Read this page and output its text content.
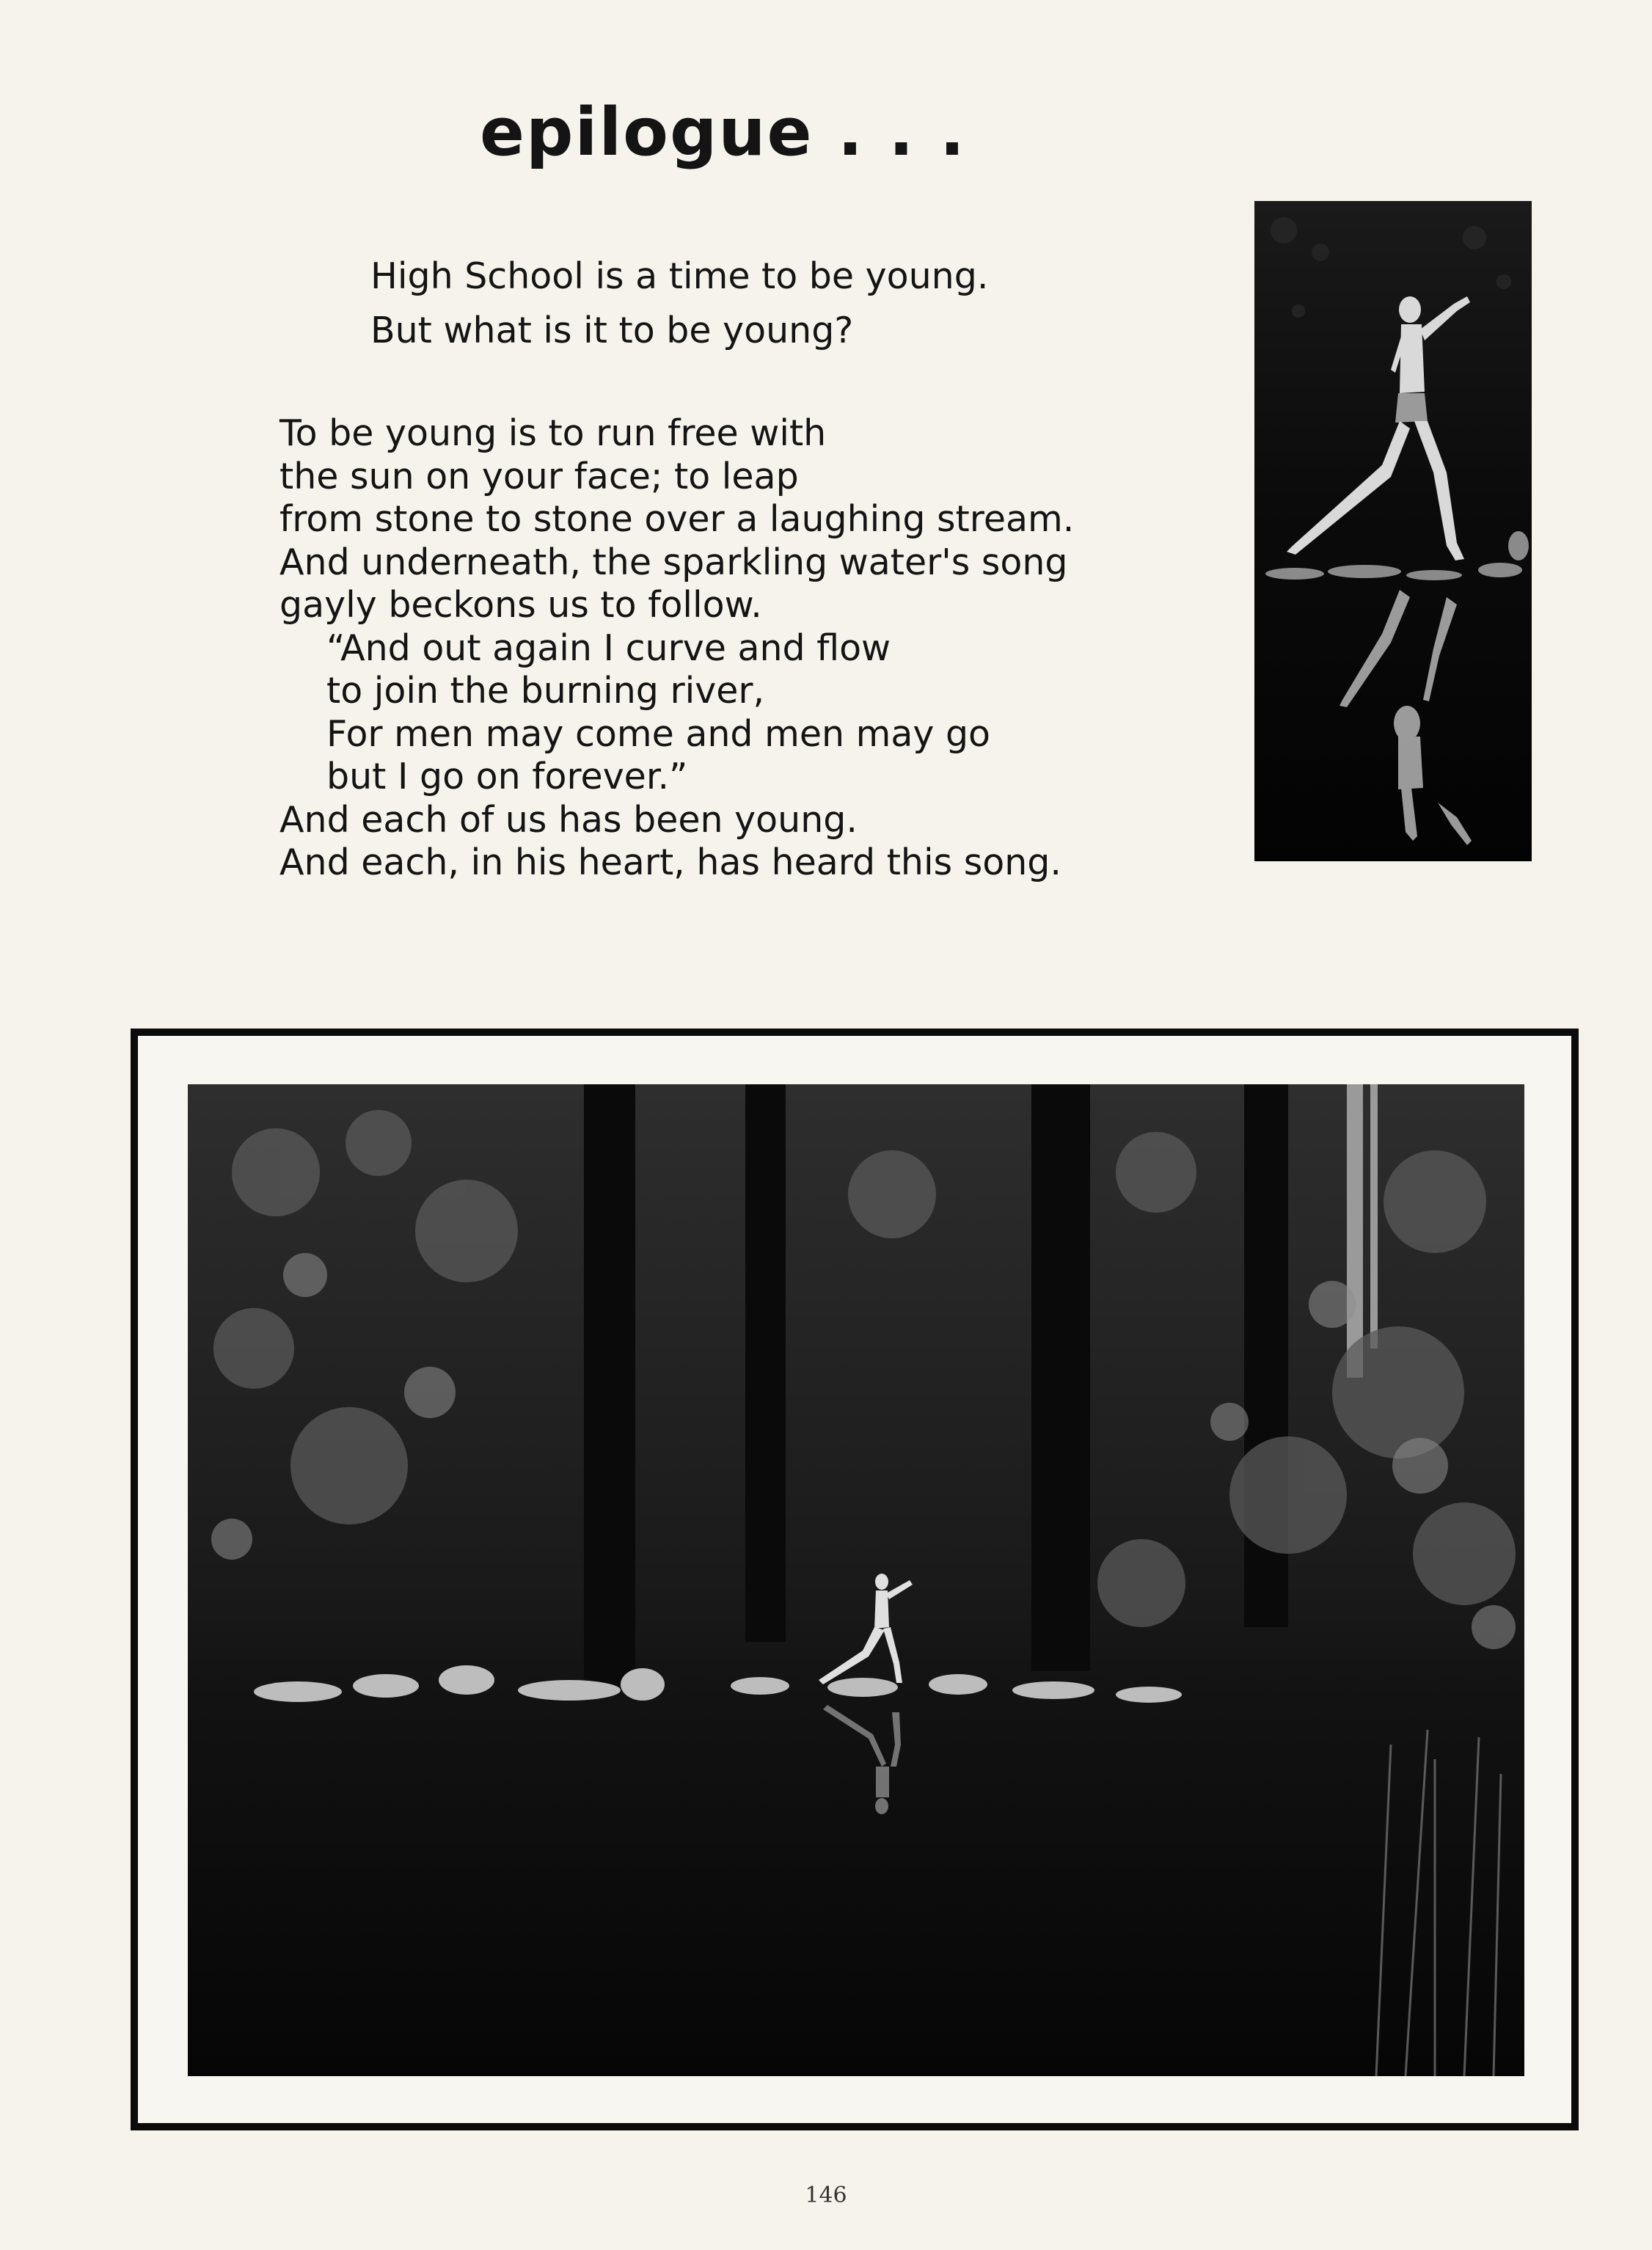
epilogue . . .
High School is a time to be young.
But what is it to be young?
To be young is to run free with
the sun on your face; to leap
from stone to stone over a laughing stream.
And underneath, the sparkling water's song
gayly beckons us to follow.
“And out again I curve and flow
to join the burning river,
For men may come and men may go
but I go on forever.”
And each of us has been young.
And each, in his heart, has heard this song.
146
